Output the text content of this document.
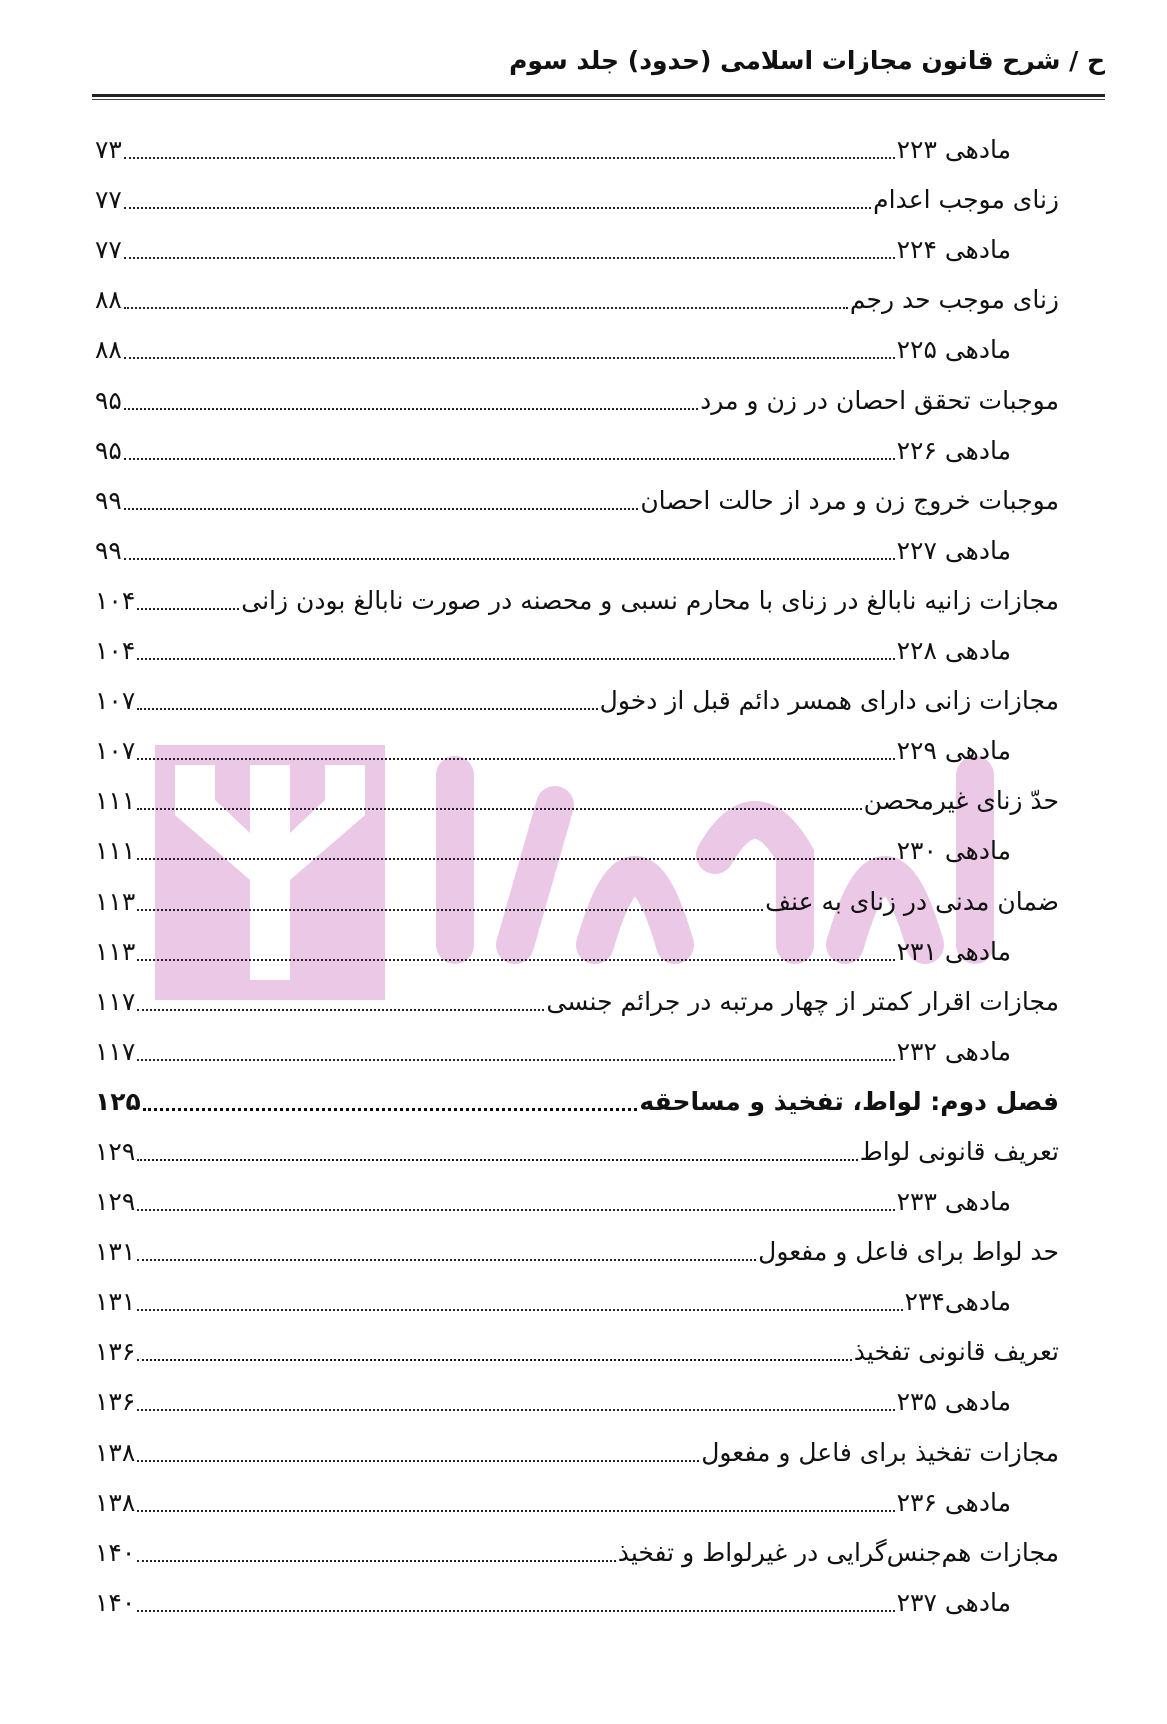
ح / شرح قانون مجازات اسلامی (حدود) جلد سوم
مادهی ۲۲۳
۷۳
زنای موجب اعدام
۷۷
مادهی ۲۲۴
۷۷
زنای موجب حد رجم
۸۸
مادهی ۲۲۵
۸۸
موجبات تحقق احصان در زن و مرد
۹۵
مادهی ۲۲۶
۹۵
موجبات خروج زن و مرد از حالت احصان
۹۹
مادهی ۲۲۷
۹۹
مجازات زانیه نابالغ در زنای با محارم نسبی و محصنه در صورت نابالغ بودن زانی
۱۰۴
مادهی ۲۲۸
۱۰۴
مجازات زانی دارای همسر دائم قبل از دخول
۱۰۷
مادهی ۲۲۹
۱۰۷
حدّ زنای غیرمحصن
۱۱۱
مادهی ۲۳۰
۱۱۱
ضمان مدنی در زنای به عنف
۱۱۳
مادهی ۲۳۱
۱۱۳
مجازات اقرار کمتر از چهار مرتبه در جرائم جنسی
۱۱۷
مادهی ۲۳۲
۱۱۷
فصل دوم: لواط، تفخیذ و مساحقه
۱۲۵
تعریف قانونی لواط
۱۲۹
مادهی ۲۳۳
۱۲۹
حد لواط برای فاعل و مفعول
۱۳۱
مادهی۲۳۴
۱۳۱
تعریف قانونی تفخیذ
۱۳۶
مادهی ۲۳۵
۱۳۶
مجازات تفخیذ برای فاعل و مفعول
۱۳۸
مادهی ۲۳۶
۱۳۸
مجازات هم‌جنس‌گرایی در غیرلواط و تفخیذ
۱۴۰
مادهی ۲۳۷
۱۴۰
